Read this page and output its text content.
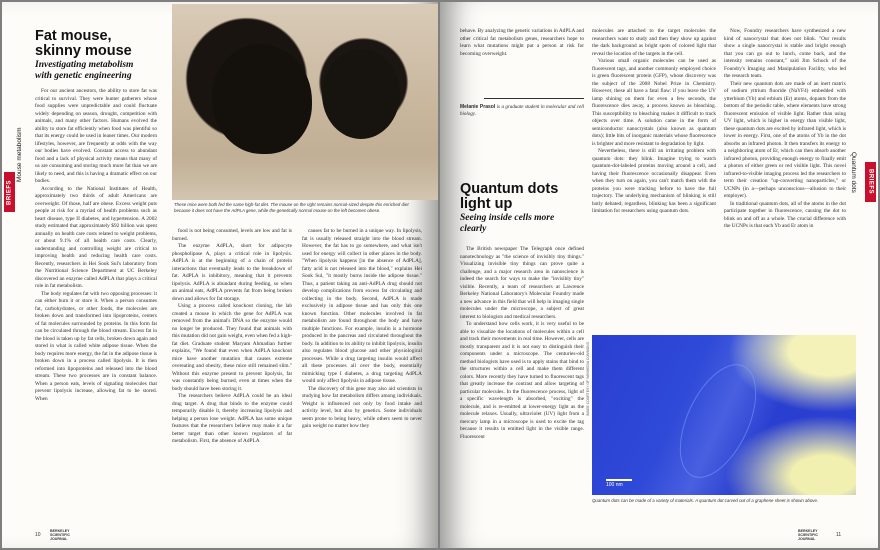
Fat mouse,
skinny mouse
Investigating metabolism with genetic engineering
Mouse metabolism
BRIEFS	These mice were both fed the same high-fat diet. The mouse on the right remains normal-sized despite this enriched diet because it does not have the AdPLA gene, while the genetically normal mouse on the left becomes obese.

For our ancient ancestors, the ability to store fat was critical to survival. They were hunter gatherers whose food supplies were unpredictable and could fluctuate widely depending on season, drought, competition with animals, and many other factors. Humans evolved the ability to store fat efficiently when food was plentiful so that its energy could be used in leaner times. Our modern lifestyles, however, are frequently at odds with the way our bodies have evolved. Constant access to abundant food and a lack of physical activity means that many of us are consuming and storing much more fat than we are likely to need, and this is having a dramatic effect on our bodies.

According to the National Institutes of Health, approximately two thirds of adult Americans are overweight. Of those, half are obese. Excess weight puts people at risk for a myriad of health problems such as heart disease, type II diabetes, and hypertension. A 2002 study estimated that approximately $92 billion was spent annually on health care costs related to weight problems, or about 9.1% of all health care costs. Clearly, understanding and controlling weight are critical to improving health and reducing health care costs. Recently, researchers in Hei Sook Sul's laboratory from the Nutritional Science Department at UC Berkeley discovered an enzyme called AdPLA that plays a critical role in fat metabolism.

The body regulates fat with two opposing processes: it can either burn it or store it. When a person consumes fat, carbohydrates, or other foods, the molecules are broken down and transformed into lipoproteins, centers of fat molecules surrounded by proteins. In this form fat can be circulated through the blood stream. Excess fat in the blood is taken up by fat cells, broken down again and stored in what is called white adipose tissue. When the body requires more energy, the fat in the adipose tissue is broken down in a process called lipolysis. It is then reformed into lipoproteins and released into the blood stream. These two processes are in constant balance. When a person eats, levels of signaling molecules that prevent lipolysis increase, allowing fat to be stored. When

food is not being consumed, levels are low and fat is burned.

The enzyme AdPLA, short for adipocyte phospholipase A, plays a critical role in lipolysis. AdPLA is at the beginning of a chain of protein interactions that eventually leads to the breakdown of fat. AdPLA is inhibitory, meaning that it prevents lipolysis. AdPLA is abundant during feeding, so when an animal eats, AdPLA prevents fat from being broken down and allows for fat storage.

Using a process called knockout cloning, the lab created a mouse in which the gene for AdPLA was removed from the animal's DNA so the enzyme would no longer be produced. They found that animals with this mutation did not gain weight, even when fed a high-fat diet. Graduate student Maryam Ahmadian further explains, "We found that even when AdPLA knockout mice have another mutation that causes extreme overeating and obesity, these mice still remained slim." Without this enzyme present to prevent lipolysis, fat was constantly being burned, even at times when the body should have been storing it.

The researchers believe AdPLA could be an ideal drug target. A drug that binds to the enzyme could temporarily disable it, thereby increasing lipolysis and helping a person lose weight. AdPLA has some unique features that the researchers believe may make it a far better target than other known regulators of fat metabolism. First, the absence of AdPLA

causes fat to be burned in a unique way. In lipolysis, fat is usually released straight into the blood stream. However, the fat has to go somewhere, and what isn't used for energy will collect in other places in the body. "When lipolysis happens [in the absence of AdPLA], fatty acid is not released into the blood," explains Hei Sook Sul, "it mostly burns inside the adipose tissue." Thus, a patient taking an anti-AdPLA drug should not develop complications from excess fat circulating and collecting in the body. Second, AdPLA is made exclusively in adipose tissue and has only this one known function. Other molecules involved in fat metabolism are found throughout the body and have multiple functions. For example, insulin is a hormone produced in the pancreas and circulated throughout the body. In addition to its ability to inhibit lipolysis, insulin also regulates blood glucose and other physiological processes. While a drug targeting insulin would affect all these processes all over the body, essentially mimicking type I diabetes, a drug targeting AdPLA would only affect lipolysis in adipose tissue.

The discovery of this gene may also aid scientists in studying how fat metabolism differs among individuals. Weight is influenced not only by food intake and activity level, but also by genetics. Some individuals seem prone to being heavy, while others seem to never gain weight no matter how they

10
BERKELEY
SCIENTIFIC
JOURNAL

behave. By analyzing the genetic variations in AdPLA and other critical fat metabolism genes, researchers hope to learn what mutations might put a person at risk for becoming overweight.

Melanie Prasol is a graduate student in molecular and cell biology.
Quantum dots
light up
Seeing inside cells more clearly

The British newspaper The Telegraph once defined nanotechnology as "the science of invisibly tiny things." Visualizing invisible tiny things can prove quite a challenge, and a major research area in nanoscience is indeed the search for ways to make the "invisibly tiny" visible. Recently, a team of researchers at Lawrence Berkeley National Laboratory's Molecular Foundry made a new advance in this field that will help in imaging single molecules under the microscope, a subject of great interest to biologists and medical researchers.

To understand how cells work, it is very useful to be able to visualize the locations of molecules within a cell and track their movements in real time. However, cells are mostly transparent and it is not easy to distinguish their components under a microscope. The centuries-old method biologists have used is to apply stains that bind to the structures within a cell and make them different colors. More recently they have turned to fluorescent tags that greatly increase the contrast and allow targeting of particular molecules. In the fluorescence process, light of a specific wavelength is absorbed, "exciting" the molecule, and is re-emitted at lower-energy light as the molecule relaxes. Usually, ultraviolet (UV) light from a mercury lamp in a microscope is used to excite the tag because it results in emitted light in the visible range. Fluorescent

molecules are attached to the target molecules the researchers want to study and then they show up against the dark background as bright spots of colored light that reveal the location of the targets in the cell.

Various small organic molecules can be used as fluorescent tags, and another commonly employed choice is green fluorescent protein (GFP), whose discovery was the subject of the 2008 Nobel Prize in Chemistry. However, these all have a fatal flaw: if you leave the UV lamp shining on them for even a few seconds, the fluorescence dies away, a process known as bleaching. This susceptibility to bleaching makes it difficult to track objects over time. A solution came in the form of semiconductor nanocrystals (also known as quantum dots); little bits of inorganic materials whose fluorescence is brighter and more resistant to degradation by light.

Nevertheless, there is still an irritating problem with quantum dots: they blink. Imagine trying to watch quantum-dot-labeled proteins moving around a cell, and having their fluorescence occasionally disappear. Even when they turn on again, you can't match them with the proteins you were tracking before to have the full trajectory. The underlying mechanism of blinking is still hotly debated; regardless, blinking has been a significant limitation for researchers using quantum dots.

Now, Foundry researchers have synthesized a new kind of nanocrystal that does not blink. "Our results show a single nanocrystal is stable and bright enough that you can go out to lunch, come back, and the intensity remains constant," said Jim Schuck of the Foundry's Imaging and Manipulation Facility, who led the research team.

Their new quantum dots are made of an inert matrix of sodium yttrium fluoride (NaYF4) embedded with ytterbium (Yb) and erbium (Er) atoms, dopants from the bottom of the periodic table, where elements have strong fluorescent emission of visible light. Rather than using UV light, which is higher in energy than visible light, these quantum dots are excited by infrared light, which is lower in energy. First, one of the atoms of Yb in the dot absorbs an infrared photon. It then transfers its energy to a neighboring atom of Er, which can then absorb another infrared photon, providing enough energy to finally emit a photon of either green or red visible light. This novel infrared-to-visible imaging process led the researchers to term their creation "up-converting nanoparticles," or UCNPs (in a—perhaps unconscious—allusion to their employer).

In traditional quantum dots, all of the atoms in the dot participate together in fluorescence, causing the dot to blink on and off as a whole. The crucial difference with the UCNPs is that each Yb and Er atom in

100 nm
Quantum dots can be made of a variety of materials. A quantum dot carved out of a graphene sheet is shown above.
IMAGE COURTESY OF WIKIMEDIA COMMONS
Quantum dots	BRIEFS
BERKELEY
SCIENTIFIC
JOURNAL
11
